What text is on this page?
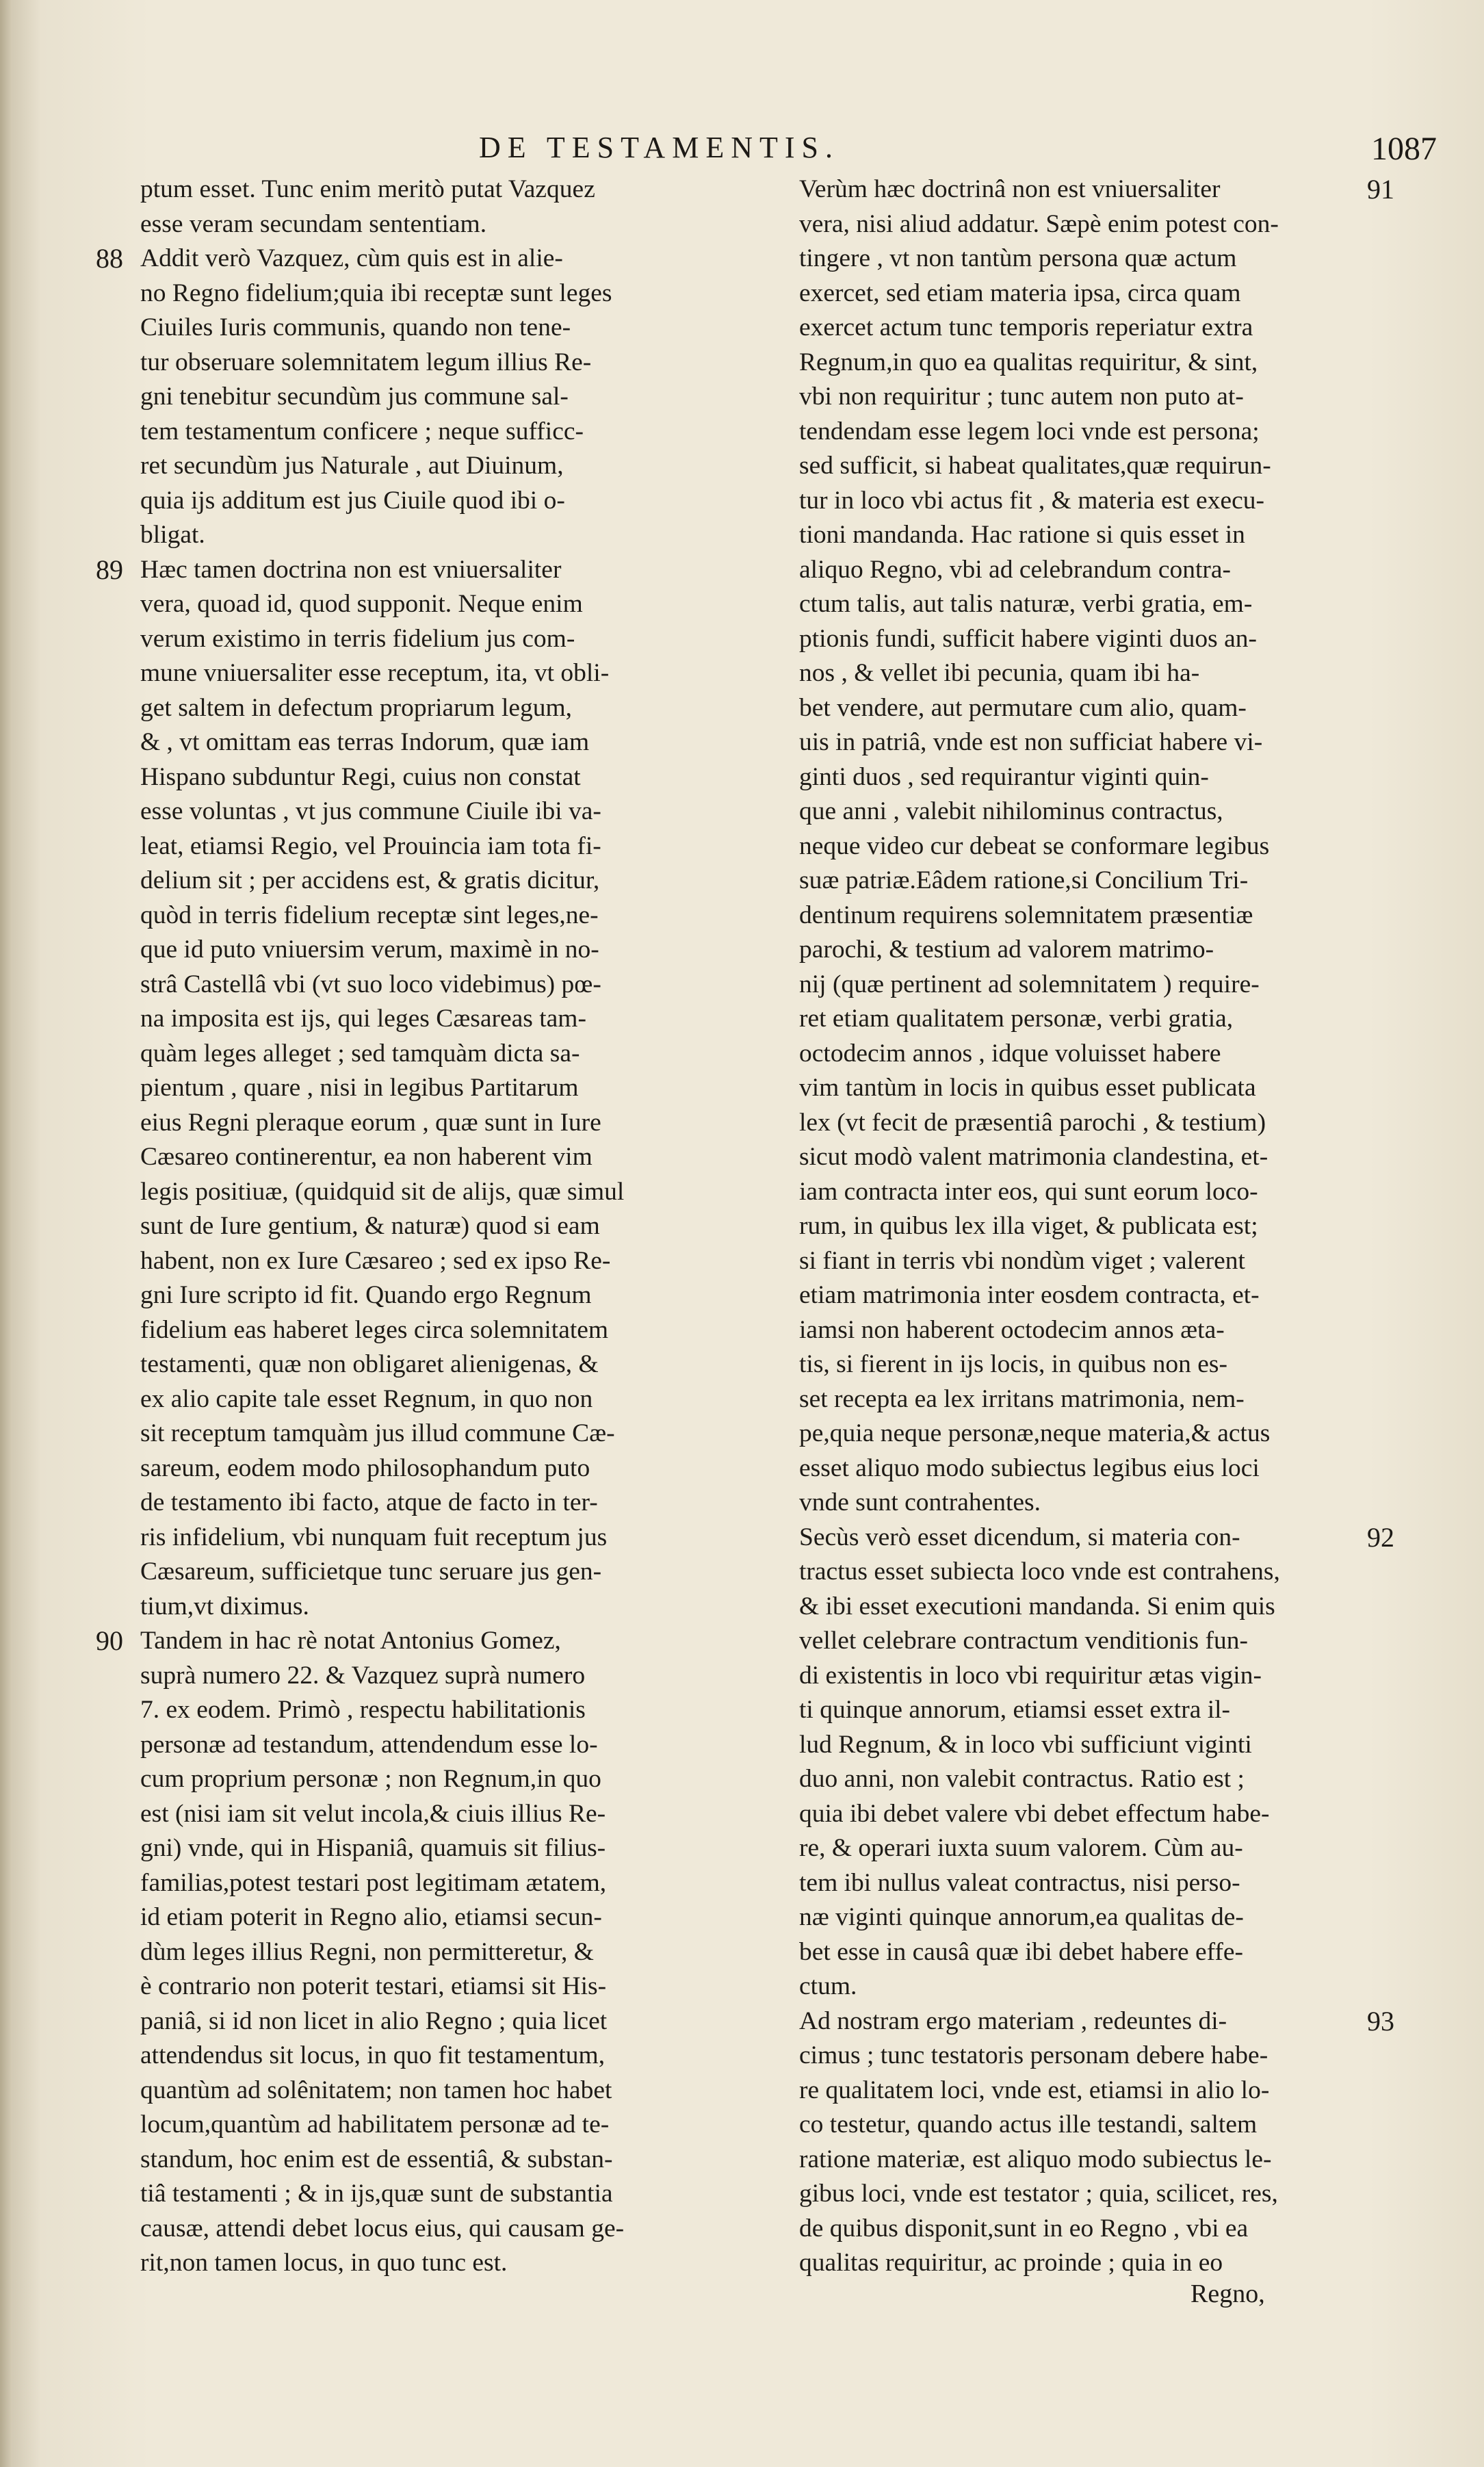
DE TESTAMENTIS.	1087
ptum esset. Tunc enim meritò putat Vazquez
esse veram secundam sententiam.
88 Addit verò Vazquez, cùm quis est in alie-
no Regno fidelium;quia ibi receptæ sunt leges
Ciuiles Iuris communis, quando non tene-
tur obseruare solemnitatem legum illius Re-
gni tenebitur secundùm jus commune sal-
tem testamentum conficere ; neque sufficc-
ret secundùm jus Naturale , aut Diuinum,
quia ijs additum est jus Ciuile quod ibi o-
bligat.
89 Hæc tamen doctrina non est vniuersaliter
vera, quoad id, quod supponit. Neque enim
verum existimo in terris fidelium jus com-
mune vniuersaliter esse receptum, ita, vt obli-
get saltem in defectum propriarum legum,
& , vt omittam eas terras Indorum, quæ iam
Hispano subduntur Regi, cuius non constat
esse voluntas , vt jus commune Ciuile ibi va-
leat, etiamsi Regio, vel Prouincia iam tota fi-
delium sit ; per accidens est, & gratis dicitur,
quòd in terris fidelium receptæ sint leges,ne-
que id puto vniuersim verum, maximè in no-
strâ Castellâ vbi (vt suo loco videbimus) pœ-
na imposita est ijs, qui leges Cæsareas tam-
quàm leges alleget ; sed tamquàm dicta sa-
pientum , quare , nisi in legibus Partitarum
eius Regni pleraque eorum , quæ sunt in Iure
Cæsareo continerentur, ea non haberent vim
legis positiuæ, (quidquid sit de alijs, quæ simul
sunt de Iure gentium, & naturæ) quod si eam
habent, non ex Iure Cæsareo ; sed ex ipso Re-
gni Iure scripto id fit. Quando ergo Regnum
fidelium eas haberet leges circa solemnitatem
testamenti, quæ non obligaret alienigenas, &
ex alio capite tale esset Regnum, in quo non
sit receptum tamquàm jus illud commune Cæ-
sareum, eodem modo philosophandum puto
de testamento ibi facto, atque de facto in ter-
ris infidelium, vbi nunquam fuit receptum jus
Cæsareum, sufficietque tunc seruare jus gen-
tium,vt diximus.
90 Tandem in hac rè notat Antonius Gomez,
suprà numero 22. & Vazquez suprà numero
7. ex eodem. Primò , respectu habilitationis
personæ ad testandum, attendendum esse lo-
cum proprium personæ ; non Regnum,in quo
est (nisi iam sit velut incola,& ciuis illius Re-
gni) vnde, qui in Hispaniâ, quamuis sit filius-
familias,potest testari post legitimam ætatem,
id etiam poterit in Regno alio, etiamsi secun-
dùm leges illius Regni, non permitteretur, &
è contrario non poterit testari, etiamsi sit His-
paniâ, si id non licet in alio Regno ; quia licet
attendendus sit locus, in quo fit testamentum,
quantùm ad solênitatem; non tamen hoc habet
locum,quantùm ad habilitatem personæ ad te-
standum, hoc enim est de essentiâ, & substan-
tiâ testamenti ; & in ijs,quæ sunt de substantia
causæ, attendi debet locus eius, qui causam ge-
rit,non tamen locus, in quo tunc est.
91
Verùm hæc doctrinâ non est vniuersaliter
vera, nisi aliud addatur. Sæpè enim potest con-
tingere , vt non tantùm persona quæ actum
exercet, sed etiam materia ipsa, circa quam
exercet actum tunc temporis reperiatur extra
Regnum,in quo ea qualitas requiritur, & sint,
vbi non requiritur ; tunc autem non puto at-
tendendam esse legem loci vnde est persona;
sed sufficit, si habeat qualitates,quæ requirun-
tur in loco vbi actus fit , & materia est execu-
tioni mandanda. Hac ratione si quis esset in
aliquo Regno, vbi ad celebrandum contra-
ctum talis, aut talis naturæ, verbi gratia, em-
ptionis fundi, sufficit habere viginti duos an-
nos , & vellet ibi pecunia, quam ibi ha-
bet vendere, aut permutare cum alio, quam-
uis in patriâ, vnde est non sufficiat habere vi-
ginti duos , sed requirantur viginti quin-
que anni , valebit nihilominus contractus,
neque video cur debeat se conformare legibus
suæ patriæ.Eâdem ratione,si Concilium Tri-
dentinum requirens solemnitatem præsentiæ
parochi, & testium ad valorem matrimo-
nij (quæ pertinent ad solemnitatem ) require-
ret etiam qualitatem personæ, verbi gratia,
octodecim annos , idque voluisset habere
vim tantùm in locis in quibus esset publicata
lex (vt fecit de præsentiâ parochi , & testium)
sicut modò valent matrimonia clandestina, et-
iam contracta inter eos, qui sunt eorum loco-
rum, in quibus lex illa viget, & publicata est;
si fiant in terris vbi nondùm viget ; valerent
etiam matrimonia inter eosdem contracta, et-
iamsi non haberent octodecim annos æta-
tis, si fierent in ijs locis, in quibus non es-
set recepta ea lex irritans matrimonia, nem-
pe,quia neque personæ,neque materia,& actus
esset aliquo modo subiectus legibus eius loci
vnde sunt contrahentes.
92
Secùs verò esset dicendum, si materia con-
tractus esset subiecta loco vnde est contrahens,
& ibi esset executioni mandanda. Si enim quis
vellet celebrare contractum venditionis fun-
di existentis in loco vbi requiritur ætas vigin-
ti quinque annorum, etiamsi esset extra il-
lud Regnum, & in loco vbi sufficiunt viginti
duo anni, non valebit contractus. Ratio est ;
quia ibi debet valere vbi debet effectum habe-
re, & operari iuxta suum valorem. Cùm au-
tem ibi nullus valeat contractus, nisi perso-
næ viginti quinque annorum,ea qualitas de-
bet esse in causâ quæ ibi debet habere effe-
ctum.
93
Ad nostram ergo materiam , redeuntes di-
cimus ; tunc testatoris personam debere habe-
re qualitatem loci, vnde est, etiamsi in alio lo-
co testetur, quando actus ille testandi, saltem
ratione materiæ, est aliquo modo subiectus le-
gibus loci, vnde est testator ; quia, scilicet, res,
de quibus disponit,sunt in eo Regno , vbi ea
qualitas requiritur, ac proinde ; quia in eo
Regno,
